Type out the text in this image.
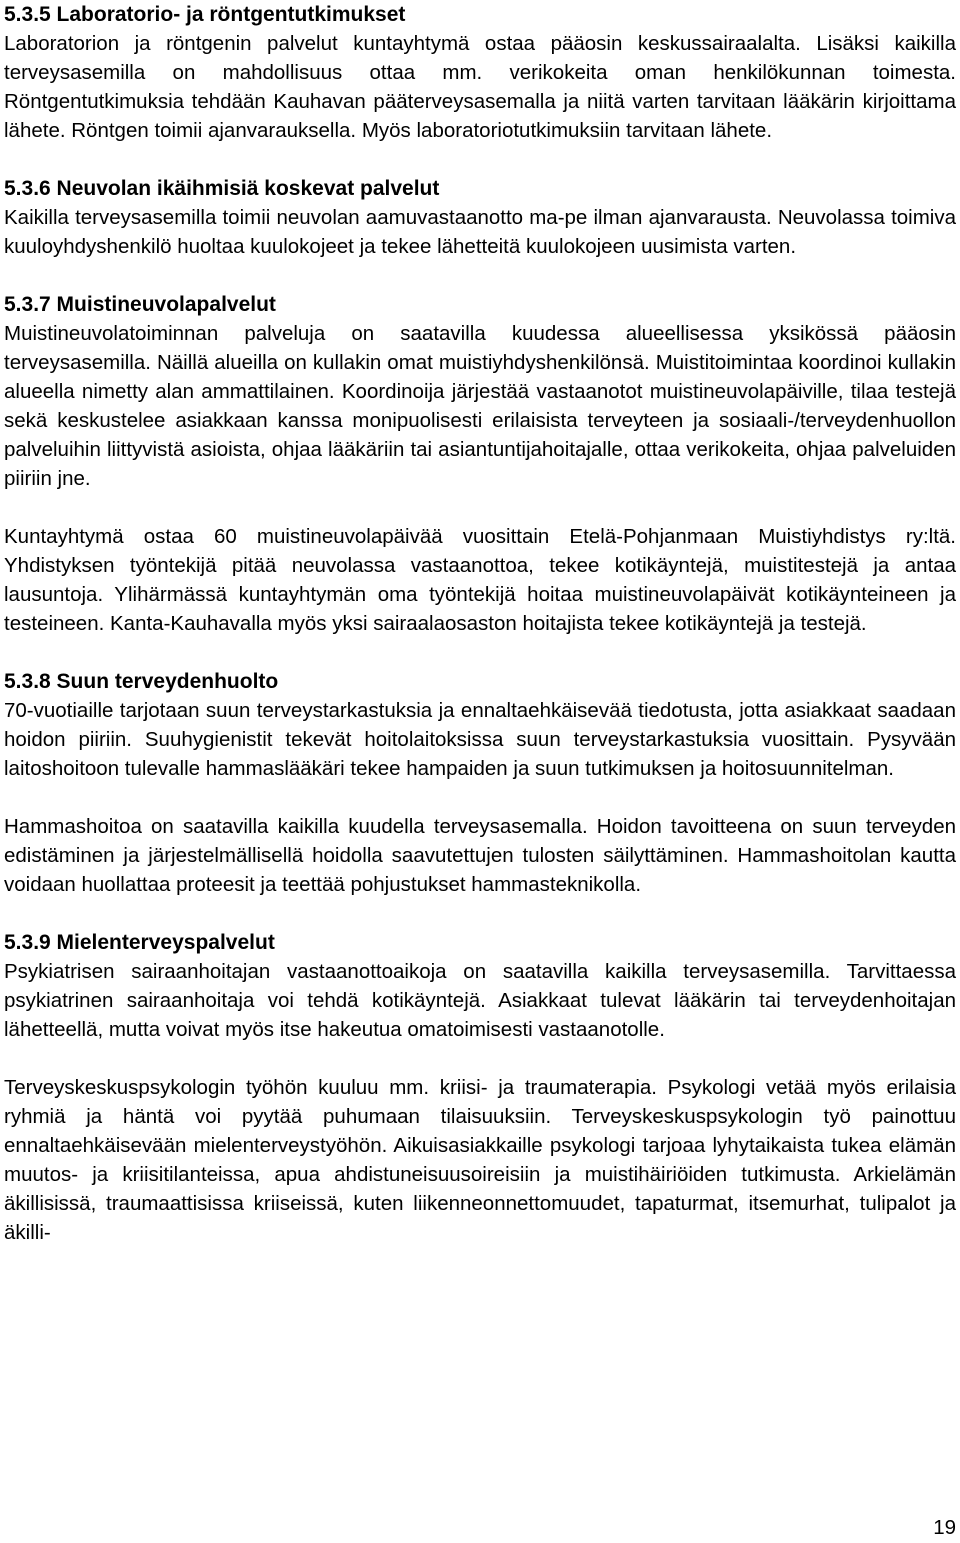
5.3.5 Laboratorio- ja röntgentutkimukset

Laboratorion ja röntgenin palvelut kuntayhtymä ostaa pääosin keskussairaalalta. Lisäksi kaikilla terveysasemilla on mahdollisuus ottaa mm. verikokeita oman henkilökunnan toimesta. Röntgentutkimuksia tehdään Kauhavan pääterveysasemalla ja niitä varten tarvitaan lääkärin kirjoittama lähete. Röntgen toimii ajanvarauksella. Myös laboratoriotutkimuksiin tarvitaan lähete.

5.3.6 Neuvolan ikäihmisiä koskevat palvelut

Kaikilla terveysasemilla toimii neuvolan aamuvastaanotto ma-pe ilman ajanvarausta. Neuvolassa toimiva kuuloyhdyshenkilö huoltaa kuulokojeet ja tekee lähetteitä kuulokojeen uusimista varten.

5.3.7 Muistineuvolapalvelut

Muistineuvolatoiminnan palveluja on saatavilla kuudessa alueellisessa yksikössä pääosin terveysasemilla. Näillä alueilla on kullakin omat muistiyhdyshenkilönsä. Muistitoimintaa koordinoi kullakin alueella nimetty alan ammattilainen. Koordinoija järjestää vastaanotot muistineuvolapäiville, tilaa testejä sekä keskustelee asiakkaan kanssa monipuolisesti erilaisista terveyteen ja sosiaali-/terveydenhuollon palveluihin liittyvistä asioista, ohjaa lääkäriin tai asiantuntijahoitajalle, ottaa verikokeita, ohjaa palveluiden piiriin jne.

Kuntayhtymä ostaa 60 muistineuvolapäivää vuosittain Etelä-Pohjanmaan Muistiyhdistys ry:ltä. Yhdistyksen työntekijä pitää neuvolassa vastaanottoa, tekee kotikäyntejä, muistitestejä ja antaa lausuntoja. Ylihärmässä kuntayhtymän oma työntekijä hoitaa muistineuvolapäivät kotikäynteineen ja testeineen. Kanta-Kauhavalla myös yksi sairaalaosaston hoitajista tekee kotikäyntejä ja testejä.

5.3.8 Suun terveydenhuolto

70-vuotiaille tarjotaan suun terveystarkastuksia ja ennaltaehkäisevää tiedotusta, jotta asiakkaat saadaan hoidon piiriin. Suuhygienistit tekevät hoitolaitoksissa suun terveystarkastuksia vuosittain. Pysyvään laitoshoitoon tulevalle hammaslääkäri tekee hampaiden ja suun tutkimuksen ja hoitosuunnitelman.

Hammashoitoa on saatavilla kaikilla kuudella terveysasemalla. Hoidon tavoitteena on suun terveyden edistäminen ja järjestelmällisellä hoidolla saavutettujen tulosten säilyttäminen. Hammashoitolan kautta voidaan huollattaa proteesit ja teettää pohjustukset hammasteknikolla.

5.3.9 Mielenterveyspalvelut

Psykiatrisen sairaanhoitajan vastaanottoaikoja on saatavilla kaikilla terveysasemilla. Tarvittaessa psykiatrinen sairaanhoitaja voi tehdä kotikäyntejä. Asiakkaat tulevat lääkärin tai terveydenhoitajan lähetteellä, mutta voivat myös itse hakeutua omatoimisesti vastaanotolle.

Terveyskeskuspsykologin työhön kuuluu mm. kriisi- ja traumaterapia. Psykologi vetää myös erilaisia ryhmiä ja häntä voi pyytää puhumaan tilaisuuksiin. Terveyskeskuspsykologin työ painottuu ennaltaehkäisevään mielenterveystyöhön. Aikuisasiakkaille psykologi tarjoaa lyhytaikaista tukea elämän muutos- ja kriisitilanteissa, apua ahdistuneisuusoireisiin ja muistihäiriöiden tutkimusta. Arkielämän äkillisissä, traumaattisissa kriiseissä, kuten liikenneonnettomuudet, tapaturmat, itsemurhat, tulipalot ja äkilli-

19
